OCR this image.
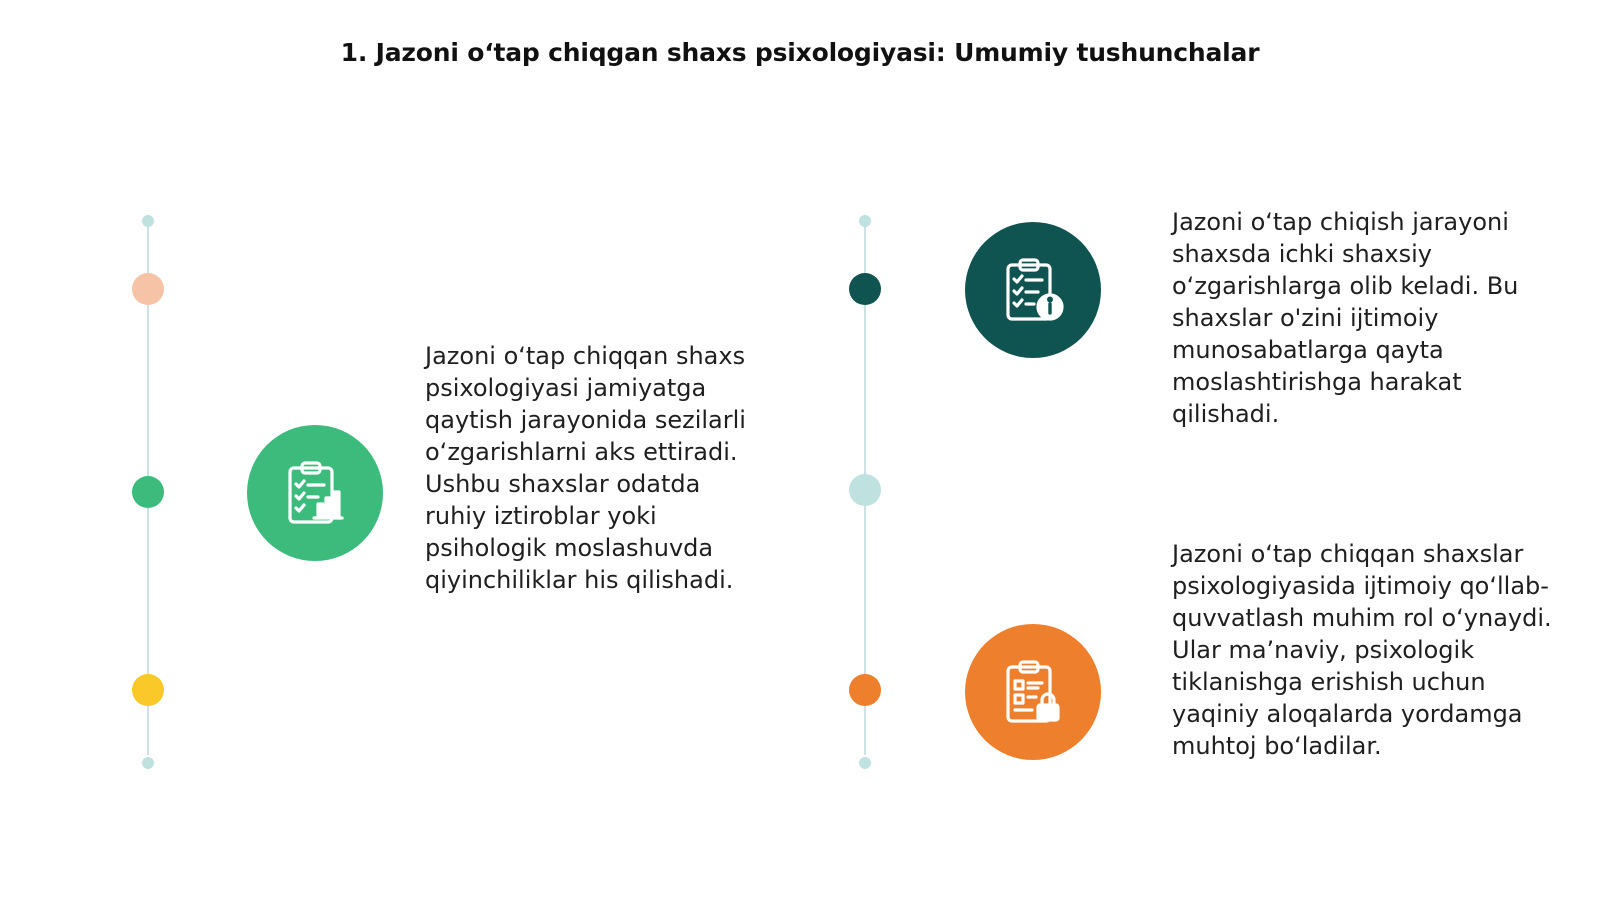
1. Jazoni o‘tap chiqgan shaxs psixologiyasi: Umumiy tushunchalar
Jazoni o‘tap chiqqan shaxs psixologiyasi jamiyatga qaytish jarayonida sezilarli o‘zgarishlarni aks ettiradi. Ushbu shaxslar odatda ruhiy iztiroblar yoki psihologik moslashuvda qiyinchiliklar his qilishadi.
Jazoni o‘tap chiqish jarayoni shaxsda ichki shaxsiy o‘zgarishlarga olib keladi. Bu shaxslar o'zini ijtimoiy munosabatlarga qayta moslashtirishga harakat qilishadi.
Jazoni o‘tap chiqqan shaxslar psixologiyasida ijtimoiy qo‘llab-quvvatlash muhim rol o‘ynaydi. Ular ma’naviy, psixologik tiklanishga erishish uchun yaqiniy aloqalarda yordamga muhtoj bo‘ladilar.
